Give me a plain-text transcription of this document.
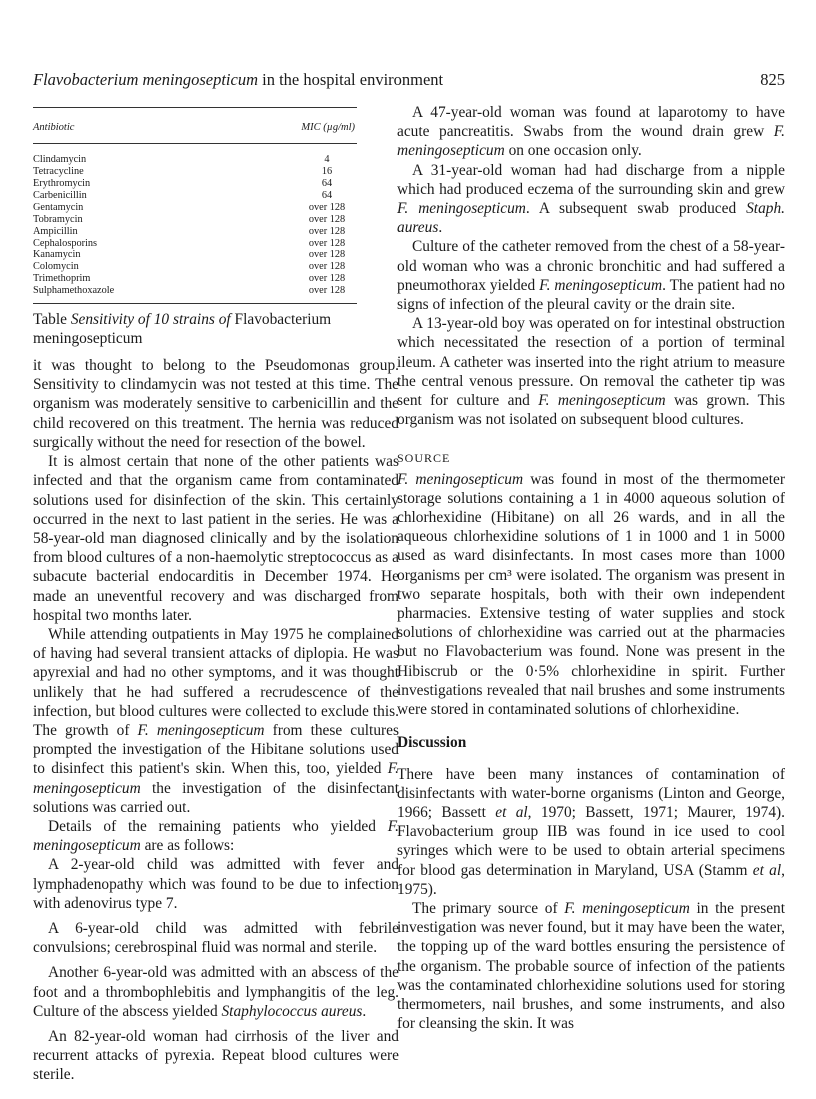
Flavobacterium meningosepticum in the hospital environment	825
Antibiotic	MIC (µg/ml)
Clindamycin	4
Tetracycline	16
Erythromycin	64
Carbenicillin	64
Gentamycin	over 128
Tobramycin	over 128
Ampicillin	over 128
Cephalosporins	over 128
Kanamycin	over 128
Colomycin	over 128
Trimethoprim	over 128
Sulphamethoxazole	over 128
Table Sensitivity of 10 strains of Flavobacterium meningosepticum

it was thought to belong to the Pseudomonas group. Sensitivity to clindamycin was not tested at this time. The organism was moderately sensitive to carbenicillin and the child recovered on this treatment. The hernia was reduced surgically without the need for resection of the bowel.

It is almost certain that none of the other patients was infected and that the organism came from contaminated solutions used for disinfection of the skin. This certainly occurred in the next to last patient in the series. He was a 58-year-old man diagnosed clinically and by the isolation from blood cultures of a non-haemolytic streptococcus as a subacute bacterial endocarditis in December 1974. He made an uneventful recovery and was discharged from hospital two months later.

While attending outpatients in May 1975 he complained of having had several transient attacks of diplopia. He was apyrexial and had no other symptoms, and it was thought unlikely that he had suffered a recrudescence of the infection, but blood cultures were collected to exclude this. The growth of F. meningosepticum from these cultures prompted the investigation of the Hibitane solutions used to disinfect this patient's skin. When this, too, yielded F. meningosepticum the investigation of the disinfectant solutions was carried out.

Details of the remaining patients who yielded F. meningosepticum are as follows:

A 2-year-old child was admitted with fever and lymphadenopathy which was found to be due to infection with adenovirus type 7.

A 6-year-old child was admitted with febrile convulsions; cerebrospinal fluid was normal and sterile.

Another 6-year-old was admitted with an abscess of the foot and a thrombophlebitis and lymphangitis of the leg. Culture of the abscess yielded Staphylococcus aureus.

An 82-year-old woman had cirrhosis of the liver and recurrent attacks of pyrexia. Repeat blood cultures were sterile.

A 47-year-old woman was found at laparotomy to have acute pancreatitis. Swabs from the wound drain grew F. meningosepticum on one occasion only.

A 31-year-old woman had had discharge from a nipple which had produced eczema of the surrounding skin and grew F. meningosepticum. A subsequent swab produced Staph. aureus.

Culture of the catheter removed from the chest of a 58-year-old woman who was a chronic bronchitic and had suffered a pneumothorax yielded F. meningosepticum. The patient had no signs of infection of the pleural cavity or the drain site.

A 13-year-old boy was operated on for intestinal obstruction which necessitated the resection of a portion of terminal ileum. A catheter was inserted into the right atrium to measure the central venous pressure. On removal the catheter tip was sent for culture and F. meningosepticum was grown. This organism was not isolated on subsequent blood cultures.

SOURCE

F. meningosepticum was found in most of the thermometer storage solutions containing a 1 in 4000 aqueous solution of chlorhexidine (Hibitane) on all 26 wards, and in all the aqueous chlorhexidine solutions of 1 in 1000 and 1 in 5000 used as ward disinfectants. In most cases more than 1000 organisms per cm³ were isolated. The organism was present in two separate hospitals, both with their own independent pharmacies. Extensive testing of water supplies and stock solutions of chlorhexidine was carried out at the pharmacies but no Flavobacterium was found. None was present in the Hibiscrub or the 0·5% chlorhexidine in spirit. Further investigations revealed that nail brushes and some instruments were stored in contaminated solutions of chlorhexidine.

Discussion

There have been many instances of contamination of disinfectants with water-borne organisms (Linton and George, 1966; Bassett et al, 1970; Bassett, 1971; Maurer, 1974). Flavobacterium group IIB was found in ice used to cool syringes which were to be used to obtain arterial specimens for blood gas determination in Maryland, USA (Stamm et al, 1975).

The primary source of F. meningosepticum in the present investigation was never found, but it may have been the water, the topping up of the ward bottles ensuring the persistence of the organism. The probable source of infection of the patients was the contaminated chlorhexidine solutions used for storing thermometers, nail brushes, and some instruments, and also for cleansing the skin. It was
